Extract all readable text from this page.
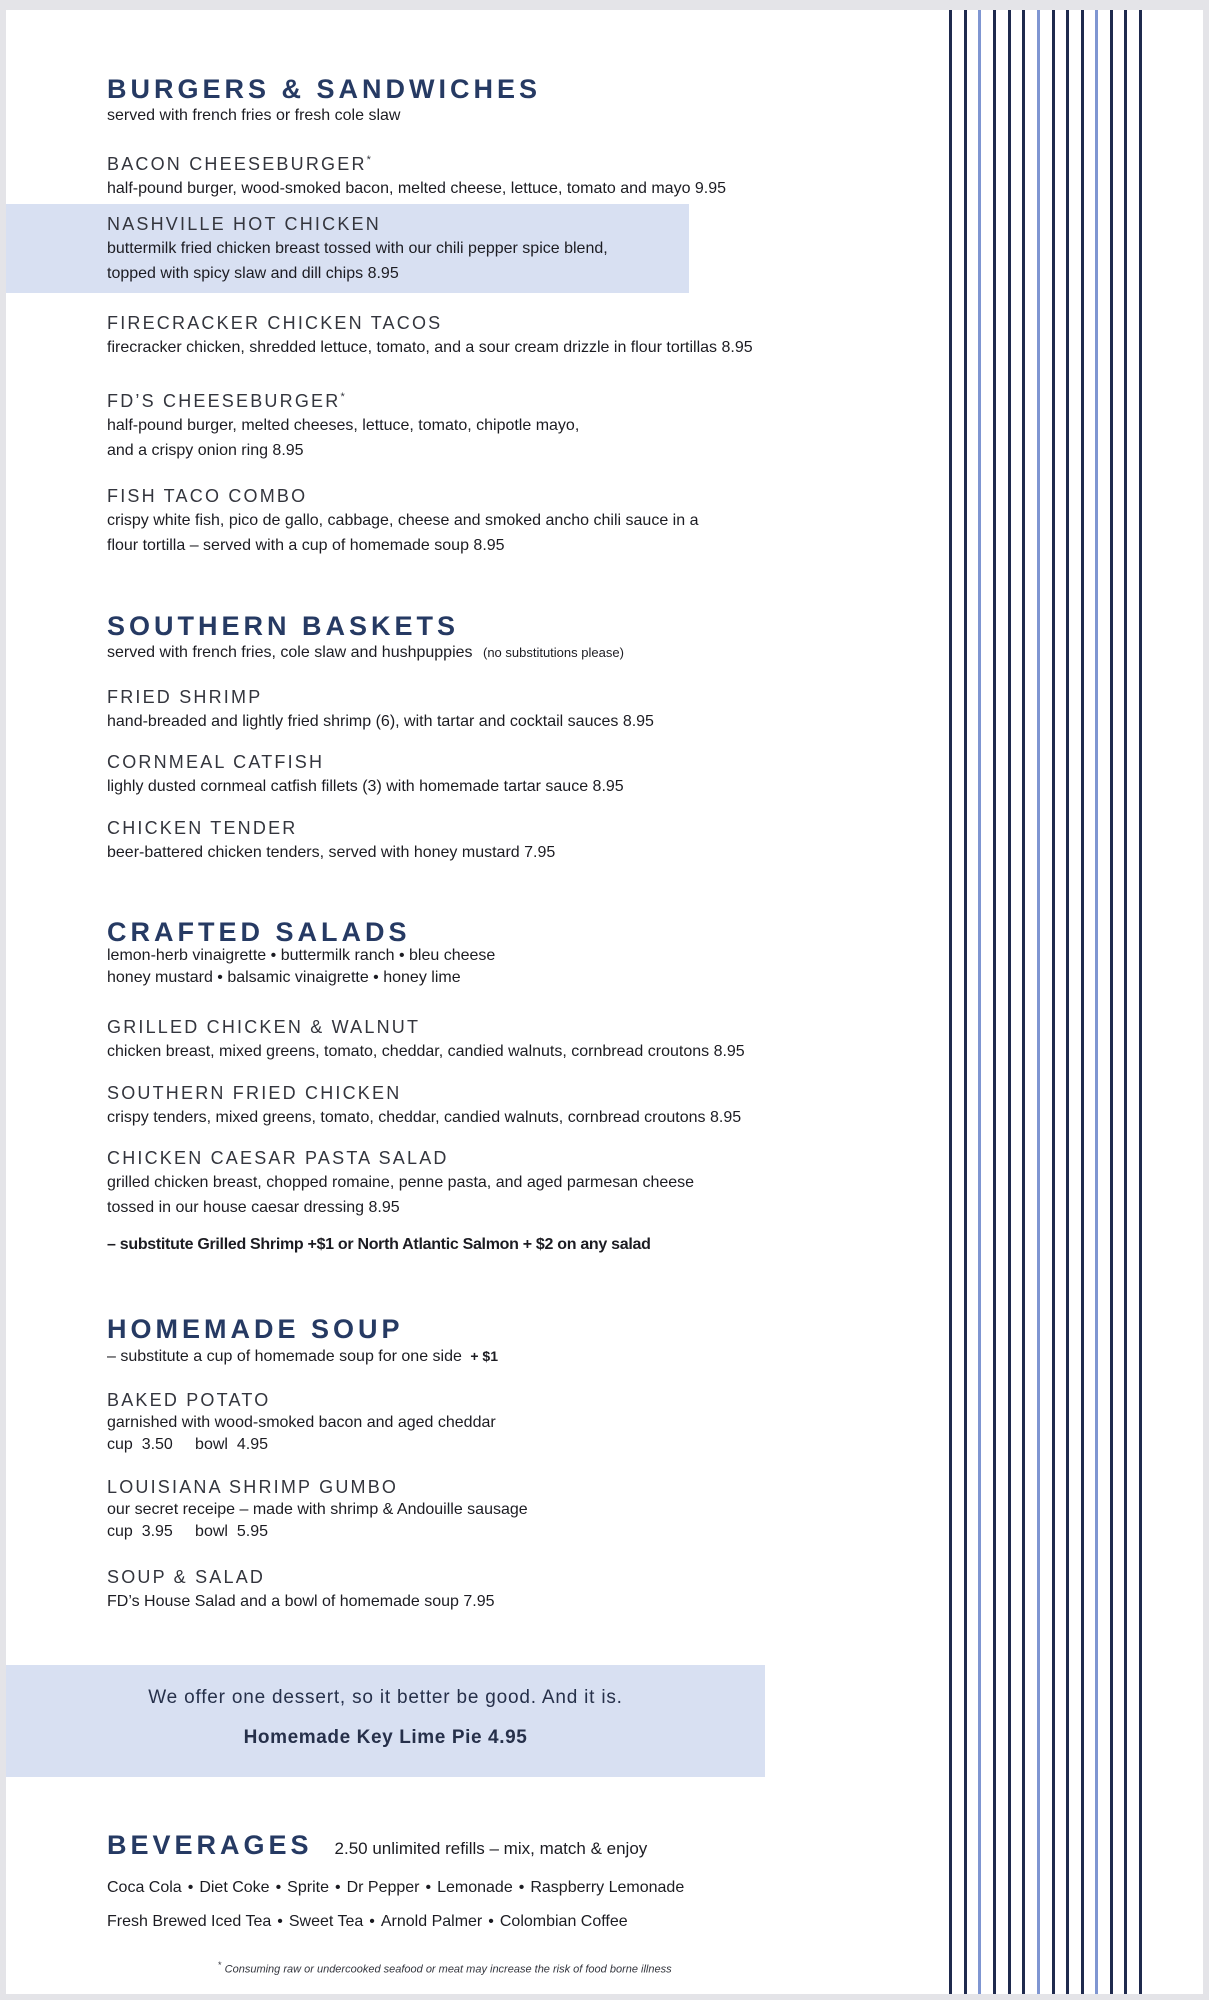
We offer one dessert, so it better be good. And it is.
Homemade Key Lime Pie 4.95
BURGERS & SANDWICHES
served with french fries or fresh cole slaw
BACON CHEESEBURGER*
half-pound burger, wood-smoked bacon, melted cheese, lettuce, tomato and mayo 9.95
NASHVILLE HOT CHICKEN
buttermilk fried chicken breast tossed with our chili pepper spice blend,
topped with spicy slaw and dill chips 8.95
FIRECRACKER CHICKEN TACOS
firecracker chicken, shredded lettuce, tomato, and a sour cream drizzle in flour tortillas 8.95
FD’S CHEESEBURGER*
half-pound burger, melted cheeses, lettuce, tomato, chipotle mayo,
and a crispy onion ring 8.95
FISH TACO COMBO
crispy white fish, pico de gallo, cabbage, cheese and smoked ancho chili sauce in a
flour tortilla – served with a cup of homemade soup 8.95
SOUTHERN BASKETS
served with french fries, cole slaw and hushpuppies (no substitutions please)
FRIED SHRIMP
hand-breaded and lightly fried shrimp (6), with tartar and cocktail sauces 8.95
CORNMEAL CATFISH
lighly dusted cornmeal catfish fillets (3) with homemade tartar sauce 8.95
CHICKEN TENDER
beer-battered chicken tenders, served with honey mustard 7.95
CRAFTED SALADS
lemon-herb vinaigrette • buttermilk ranch • bleu cheese
honey mustard • balsamic vinaigrette • honey lime
GRILLED CHICKEN & WALNUT
chicken breast, mixed greens, tomato, cheddar, candied walnuts, cornbread croutons 8.95
SOUTHERN FRIED CHICKEN
crispy tenders, mixed greens, tomato, cheddar, candied walnuts, cornbread croutons 8.95
CHICKEN CAESAR PASTA SALAD
grilled chicken breast, chopped romaine, penne pasta, and aged parmesan cheese
tossed in our house caesar dressing 8.95
– substitute Grilled Shrimp +$1 or North Atlantic Salmon + $2 on any salad
HOMEMADE SOUP
– substitute a cup of homemade soup for one side + $1
BAKED POTATO
garnished with wood-smoked bacon and aged cheddar
cup  3.50     bowl  4.95
LOUISIANA SHRIMP GUMBO
our secret receipe – made with shrimp & Andouille sausage
cup  3.95     bowl  5.95
SOUP & SALAD
FD’s House Salad and a bowl of homemade soup 7.95
BEVERAGES 2.50 unlimited refills – mix, match & enjoy
Coca Cola • Diet Coke • Sprite • Dr Pepper • Lemonade • Raspberry Lemonade
Fresh Brewed Iced Tea • Sweet Tea • Arnold Palmer • Colombian Coffee
* Consuming raw or undercooked seafood or meat may increase the risk of food borne illness
